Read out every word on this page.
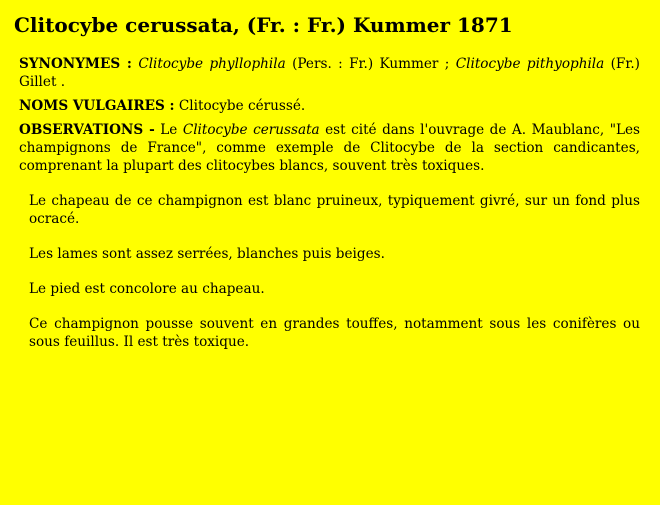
Clitocybe cerussata, (Fr. : Fr.) Kummer 1871

SYNONYMES : Clitocybe phyllophila (Pers. : Fr.) Kummer ; Clitocybe pithyophila (Fr.) Gillet .

NOMS VULGAIRES : Clitocybe cérussé.

OBSERVATIONS - Le Clitocybe cerussata est cité dans l'ouvrage de A. Maublanc, "Les champignons de France", comme exemple de Clitocybe de la section candicantes, comprenant la plupart des clitocybes blancs, souvent très toxiques.

Le chapeau de ce champignon est blanc pruineux, typiquement givré, sur un fond plus ocracé.

Les lames sont assez serrées, blanches puis beiges.

Le pied est concolore au chapeau.

Ce champignon pousse souvent en grandes touffes, notamment sous les conifères ou sous feuillus. Il est très toxique.
